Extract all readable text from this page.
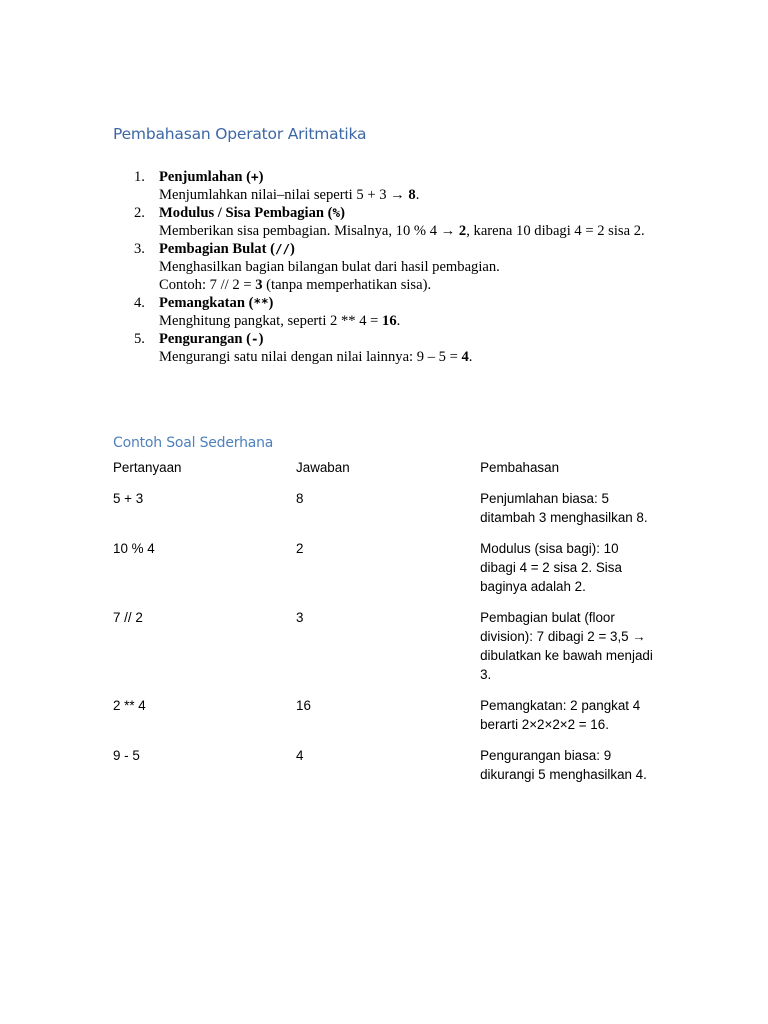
Pembahasan Operator Aritmatika
1. Penjumlahan (+)
Menjumlahkan nilai–nilai seperti 5 + 3 → 8.
2. Modulus / Sisa Pembagian (%)
Memberikan sisa pembagian. Misalnya, 10 % 4 → 2, karena 10 dibagi 4 = 2 sisa 2.
3. Pembagian Bulat (//)
Menghasilkan bagian bilangan bulat dari hasil pembagian.
Contoh: 7 // 2 = 3 (tanpa memperhatikan sisa).
4. Pemangkatan (**)
Menghitung pangkat, seperti 2 ** 4 = 16.
5. Pengurangan (-)
Mengurangi satu nilai dengan nilai lainnya: 9 – 5 = 4.
Contoh Soal Sederhana
Pertanyaan	Jawaban	Pembahasan
5 + 3	8	Penjumlahan biasa: 5 ditambah 3 menghasilkan 8.
10 % 4	2	Modulus (sisa bagi): 10 dibagi 4 = 2 sisa 2. Sisa baginya adalah 2.
7 // 2	3	Pembagian bulat (floor division): 7 dibagi 2 = 3,5 → dibulatkan ke bawah menjadi 3.
2 ** 4	16	Pemangkatan: 2 pangkat 4 berarti 2×2×2×2 = 16.
9 - 5	4	Pengurangan biasa: 9 dikurangi 5 menghasilkan 4.
